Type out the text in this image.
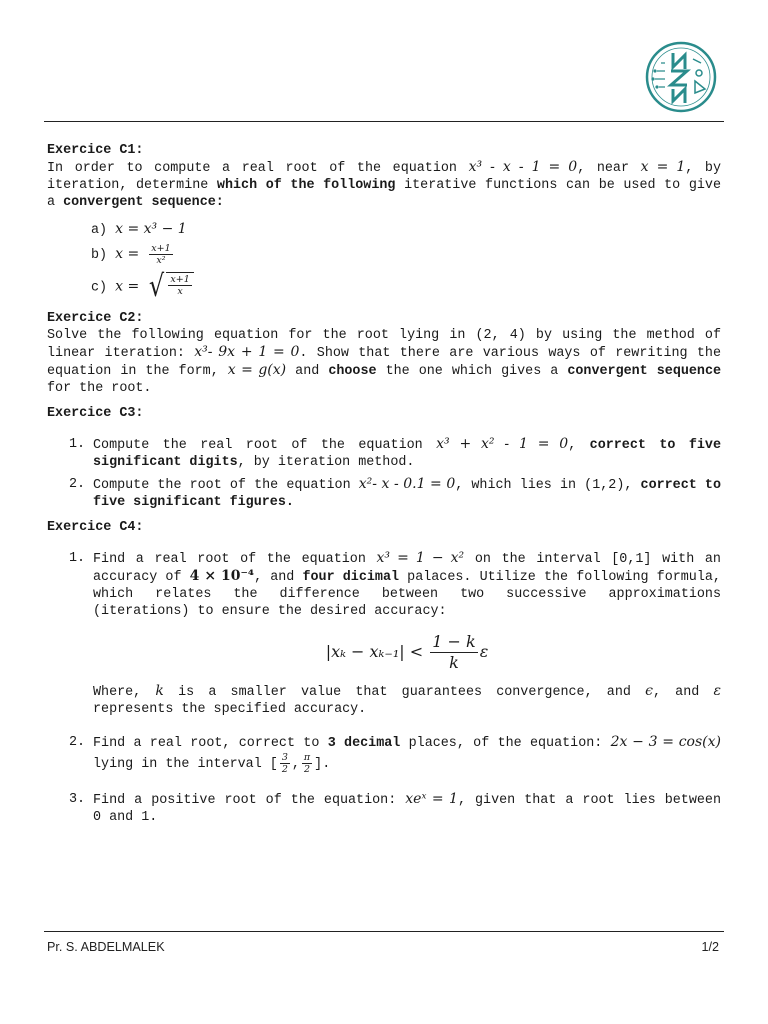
Exercice C1:

In order to compute a real root of the equation x³ - x - 1 = 0, near x = 1, by iteration, determine which of the following iterative functions can be used to give a convergent sequence:

a) x = x³ − 1
b) $x = \frac{x+1}{\text{x²}}$
c) x = √ $\frac{x+1}{x}$

Exercice C2:

Solve the following equation for the root lying in (2, 4) by using the method of linear iteration: x³- 9x + 1 = 0. Show that there are various ways of rewriting the equation in the form, x = g(x) and choose the one which gives a convergent sequence for the root.

Exercice C3:

1. Compute the real root of the equation x³ + x² - 1 = 0, correct to five significant digits, by iteration method.
2. Compute the root of the equation x²- x - 0.1 = 0, which lies in (1,2), correct to five significant figures.

Exercice C4:

1. Find a real root of the equation x³ = 1 − x² on the interval [0,1] with an accuracy of 4 × 10⁻⁴, and four dicimal palaces. Utilize the following formula, which relates the difference between two successive approximations (iterations) to ensure the desired accuracy:
$|x_k - x_{k-1}| < \frac{1 - k}{k}$ ε
Where, k is a smaller value that guarantees convergence, and ϵ, and ε represents the specified accuracy.
2. Find a real root, correct to 3 decimal places, of the equation: 2x − 3 = cos(x) lying in the interval [ $\frac{3}{2}$ , $\frac{\pi}{2}$ ].
3. Find a positive root of the equation: xeˣ = 1, given that a root lies between 0 and 1.
Pr. S. ABDELMALEK	1/2
